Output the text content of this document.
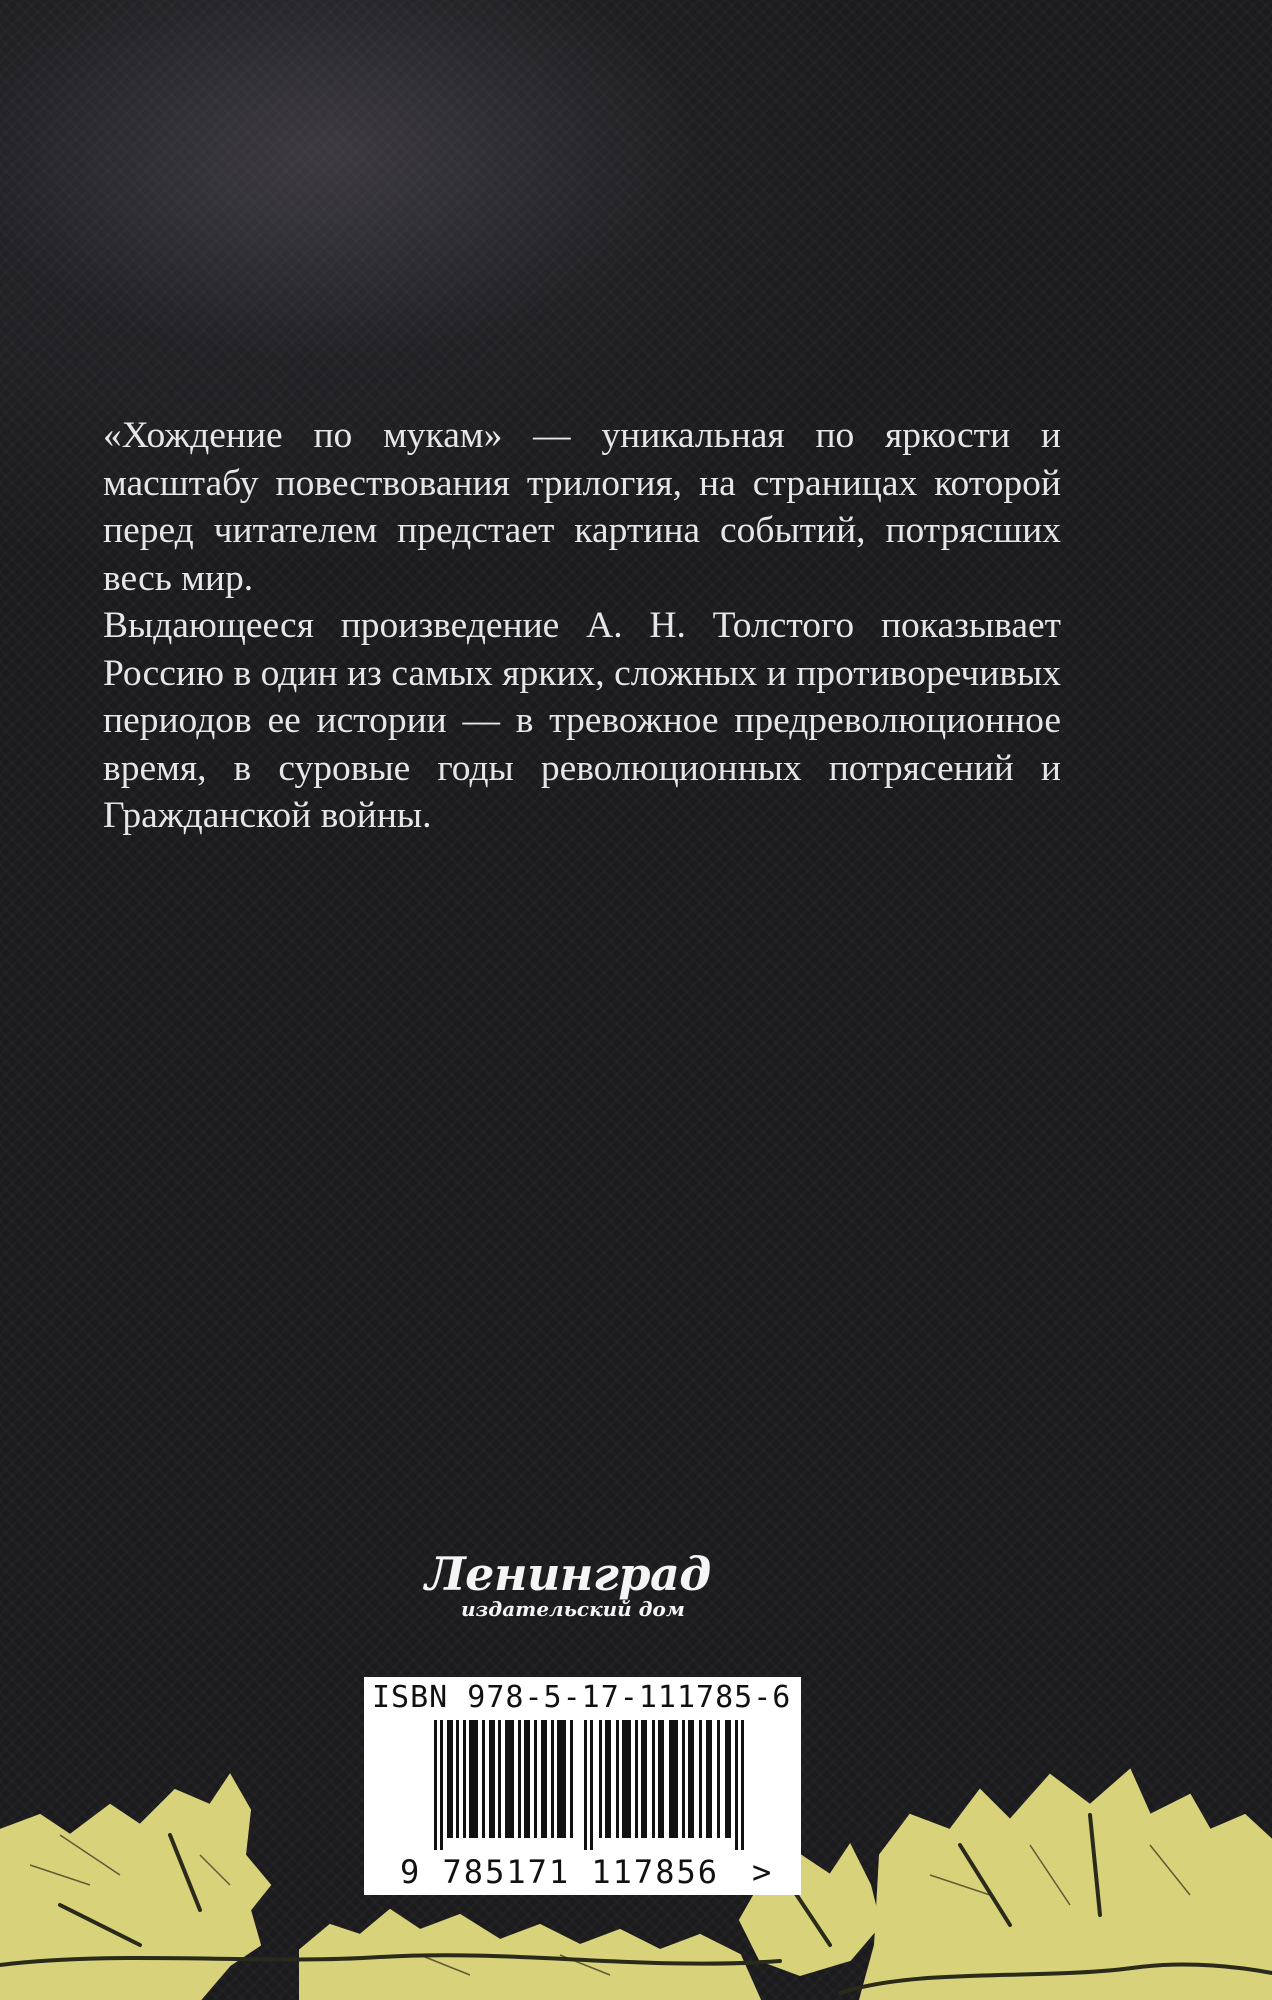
«Хождение по мукам» — уникальная по яркости и масштабу повествования трилогия, на страницах которой перед читателем предстает картина событий, потрясших весь мир.

Выдающееся произведение А. Н. Толстого показывает Россию в один из самых ярких, сложных и противоречивых периодов ее истории — в тревожное предреволюционное время, в суровые годы революционных потрясений и Гражданской войны.

Ленинград
издательский дом
ISBN 978-5-17-111785-6
9 785171 117856 >
